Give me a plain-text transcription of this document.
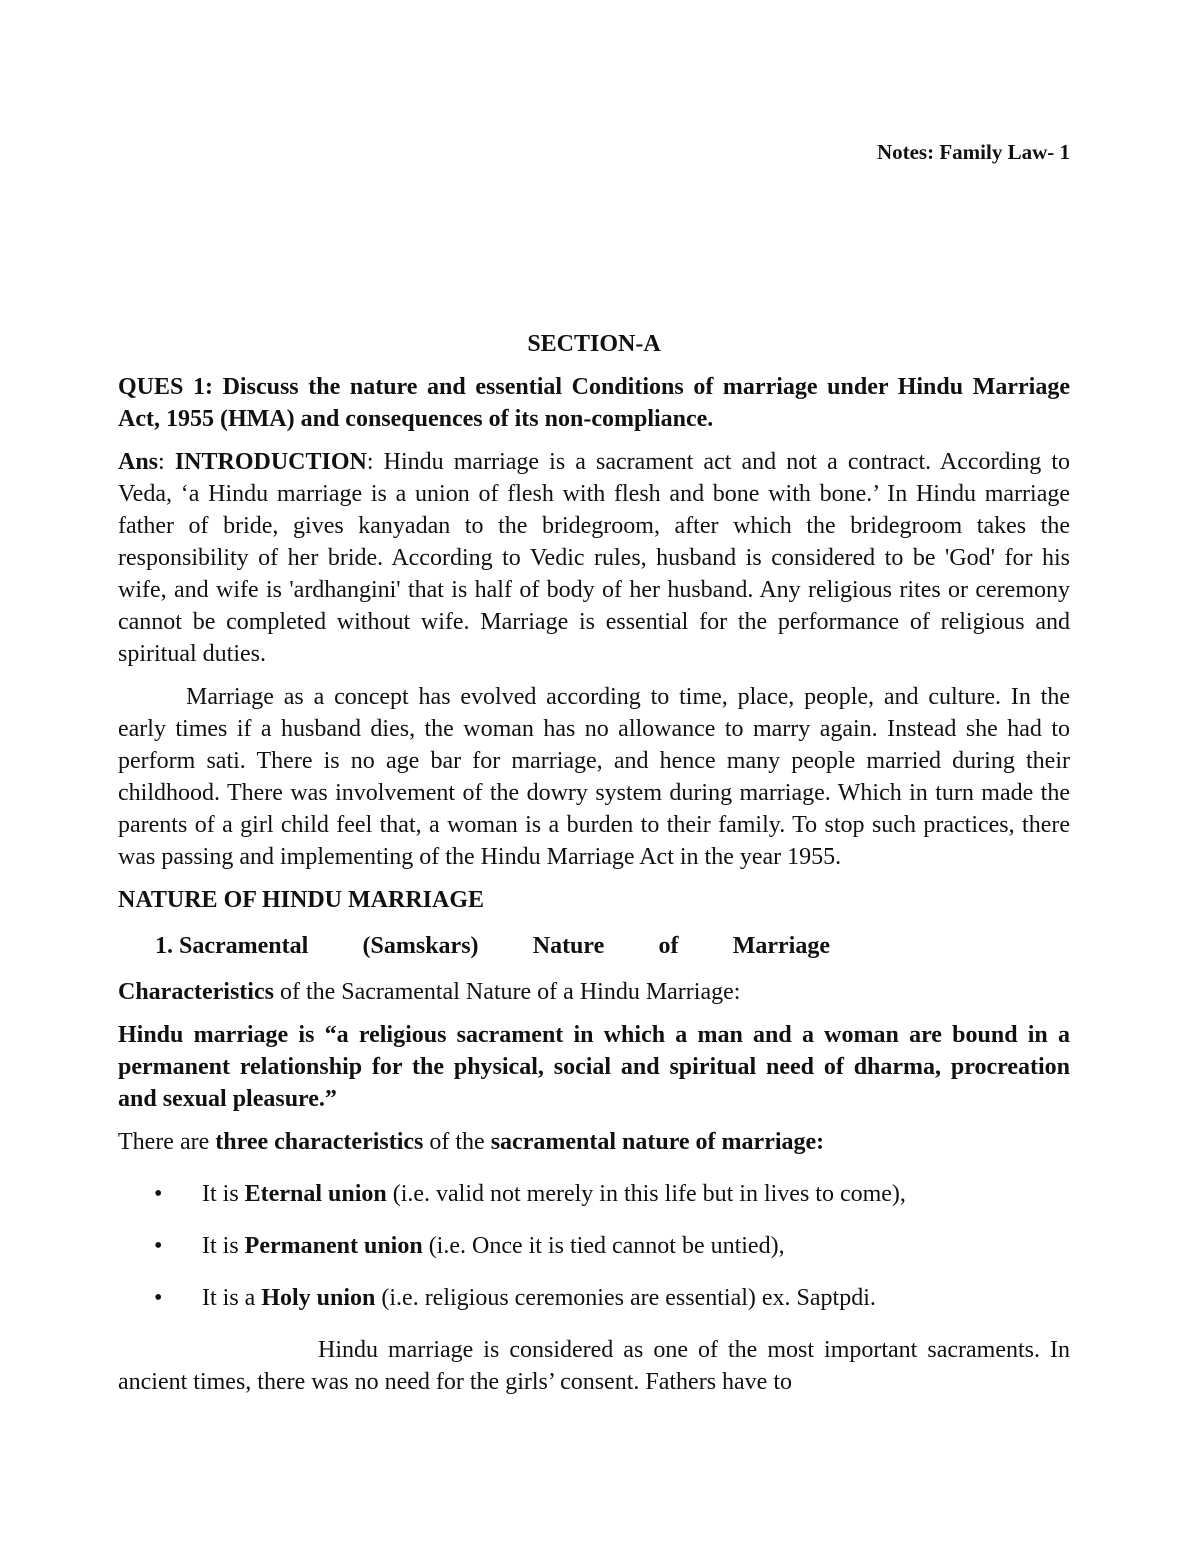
Notes: Family Law- 1
SECTION-A
QUES 1: Discuss the nature and essential Conditions of marriage under Hindu Marriage Act, 1955 (HMA) and consequences of its non-compliance.

Ans: INTRODUCTION: Hindu marriage is a sacrament act and not a contract. According to Veda, ‘a Hindu marriage is a union of flesh with flesh and bone with bone.’ In Hindu marriage father of bride, gives kanyadan to the bridegroom, after which the bridegroom takes the responsibility of her bride. According to Vedic rules, husband is considered to be 'God' for his wife, and wife is 'ardhangini' that is half of body of her husband. Any religious rites or ceremony cannot be completed without wife. Marriage is essential for the performance of religious and spiritual duties.

Marriage as a concept has evolved according to time, place, people, and culture. In the early times if a husband dies, the woman has no allowance to marry again. Instead she had to perform sati. There is no age bar for marriage, and hence many people married during their childhood. There was involvement of the dowry system during marriage. Which in turn made the parents of a girl child feel that, a woman is a burden to their family. To stop such practices, there was passing and implementing of the Hindu Marriage Act in the year 1955.

NATURE OF HINDU MARRIAGE
1. Sacramental (Samskars) Nature of Marriage

Characteristics of the Sacramental Nature of a Hindu Marriage:

Hindu marriage is “a religious sacrament in which a man and a woman are bound in a permanent relationship for the physical, social and spiritual need of dharma, procreation and sexual pleasure.”

There are three characteristics of the sacramental nature of marriage:

• It is Eternal union (i.e. valid not merely in this life but in lives to come),
• It is Permanent union (i.e. Once it is tied cannot be untied),
• It is a Holy union (i.e. religious ceremonies are essential) ex. Saptpdi.

Hindu marriage is considered as one of the most important sacraments. In ancient times, there was no need for the girls’ consent. Fathers have to
